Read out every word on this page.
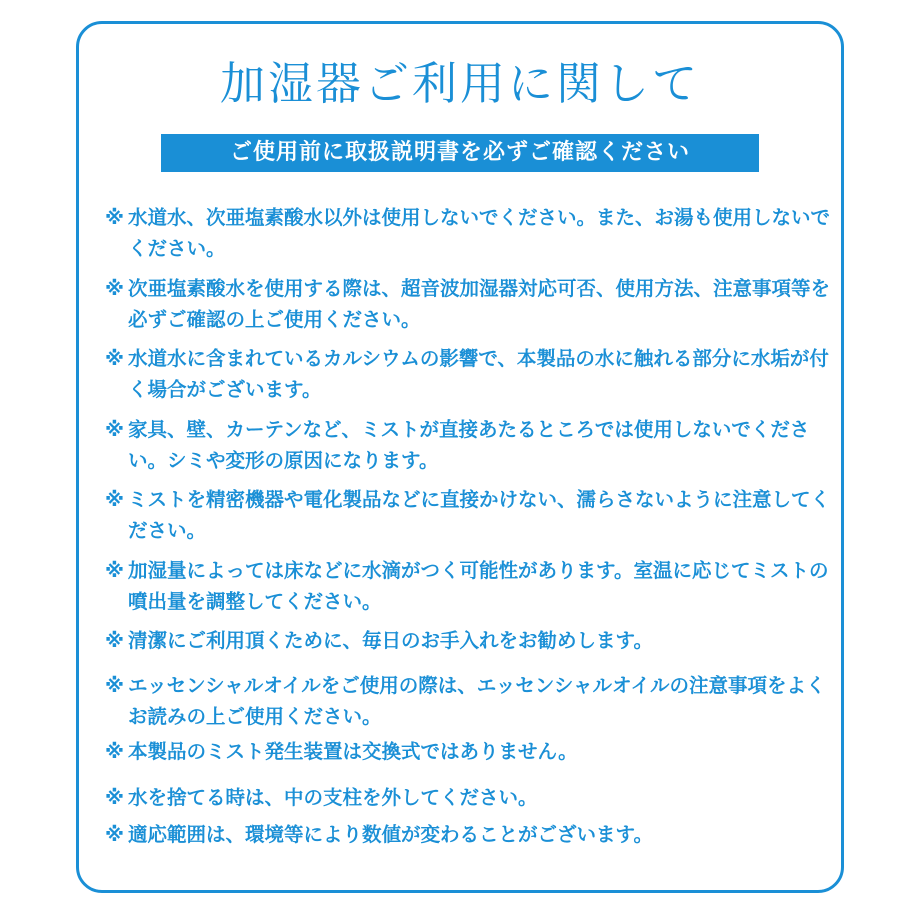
加湿器ご利用に関して
ご使用前に取扱説明書を必ずご確認ください
※ 水道水、次亜塩素酸水以外は使用しないでください。また、お湯も使用しないでください。
※ 次亜塩素酸水を使用する際は、超音波加湿器対応可否、使用方法、注意事項等を必ずご確認の上ご使用ください。
※ 水道水に含まれているカルシウムの影響で、本製品の水に触れる部分に水垢が付く場合がございます。
※ 家具、壁、カーテンなど、ミストが直接あたるところでは使用しないでください。シミや変形の原因になります。
※ ミストを精密機器や電化製品などに直接かけない、濡らさないように注意してください。
※ 加湿量によっては床などに水滴がつく可能性があります。室温に応じてミストの噴出量を調整してください。
※ 清潔にご利用頂くために、毎日のお手入れをお勧めします。
※ エッセンシャルオイルをご使用の際は、エッセンシャルオイルの注意事項をよくお読みの上ご使用ください。
※ 本製品のミスト発生装置は交換式ではありません。
※ 水を捨てる時は、中の支柱を外してください。
※ 適応範囲は、環境等により数値が変わることがございます。
